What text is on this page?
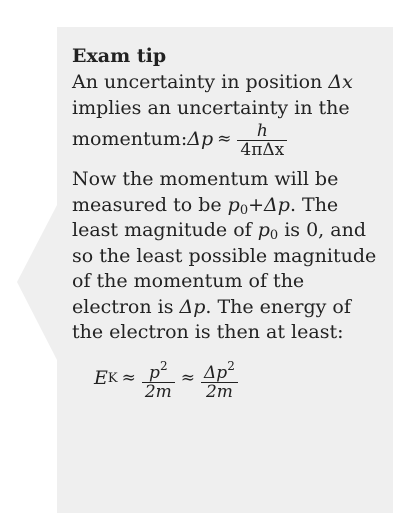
Exam tip
An uncertainty in position Δx
implies an uncertainty in the
momentum: $\Delta p \approx \frac{h}{\text{4πΔx}}$
Now the momentum will be
measured to be $p_0+\Delta p$. The
least magnitude of $p_0$ is 0, and
so the least possible magnitude
of the momentum of the
electron is Δp. The energy of
the electron is then at least:
E $K \approx \frac{p^2}{2m} \approx \frac{\Delta p^2}{2m}$
